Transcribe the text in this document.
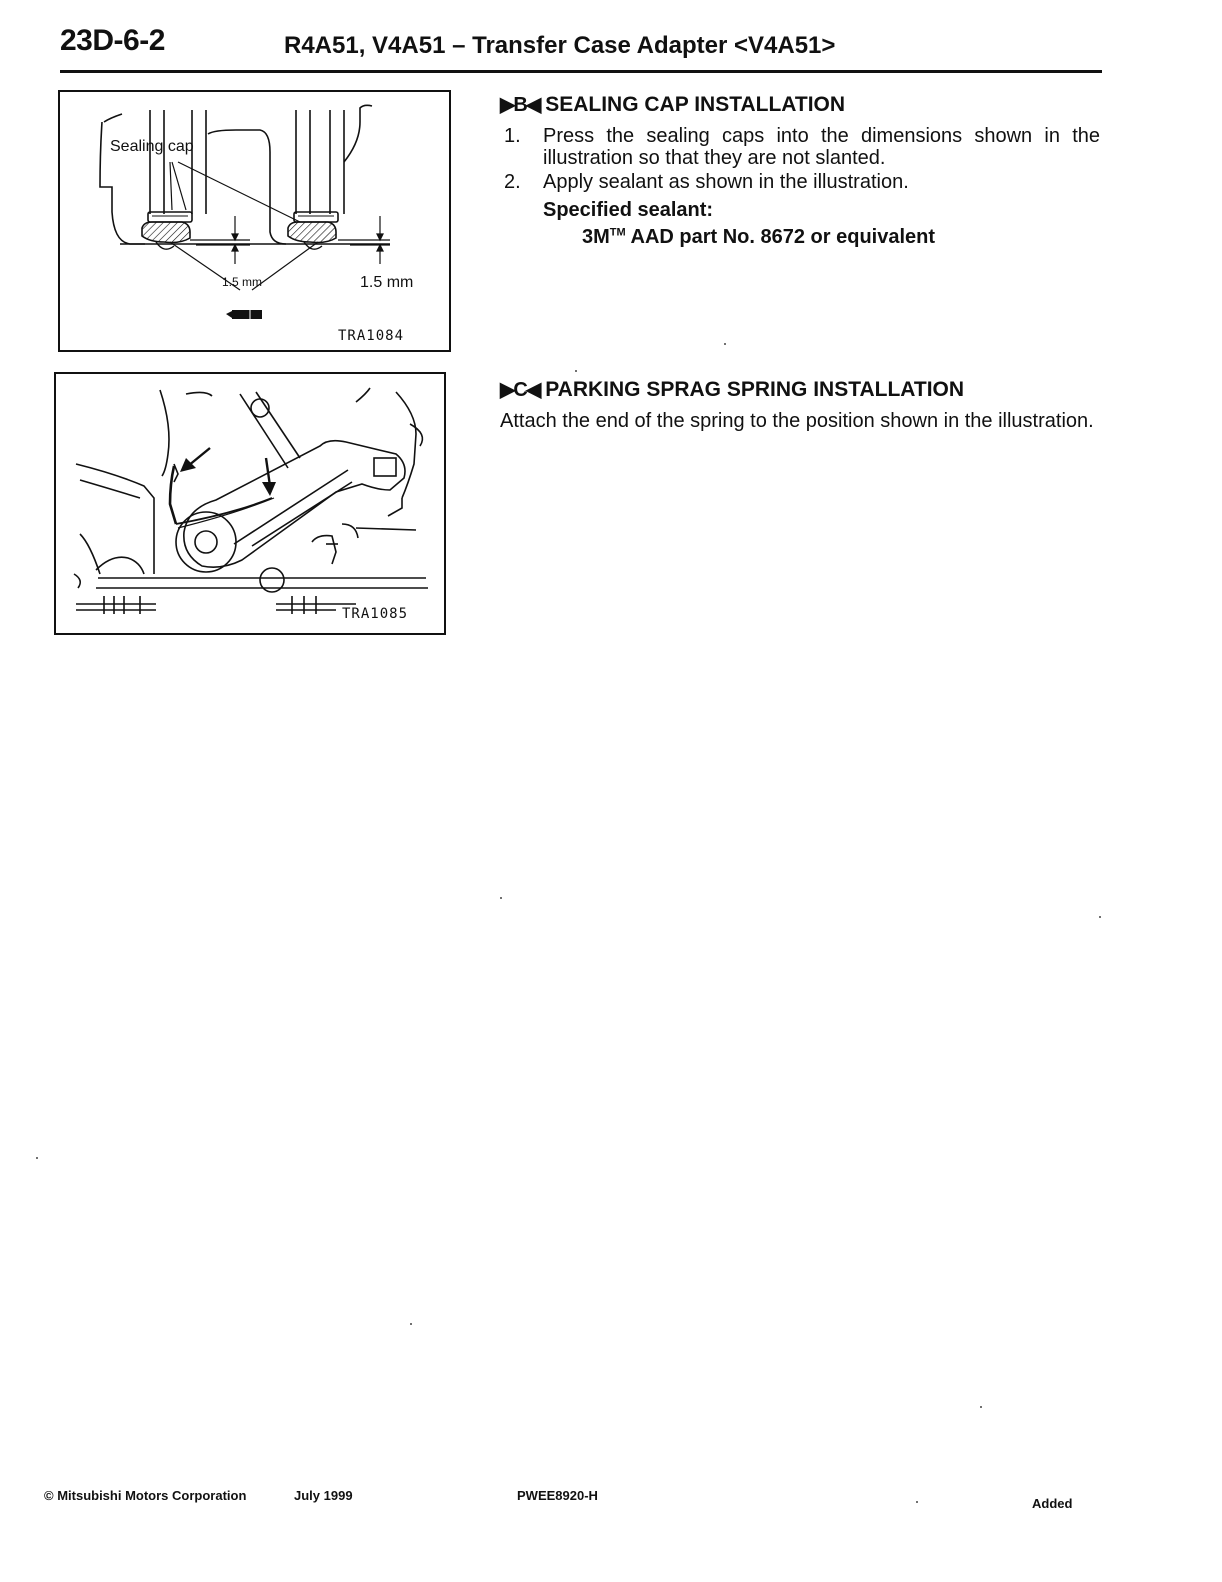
23D-6-2	R4A51, V4A51 – Transfer Case Adapter <V4A51>
Sealing cap
1.5 mm	1.5 mm
TRA1084
TRA1085
▶B◀ SEALING CAP INSTALLATION
1. Press the sealing caps into the dimensions shown in the illustration so that they are not slanted.
2. Apply sealant as shown in the illustration.
Specified sealant:
3M™ AAD part No. 8672 or equivalent
▶C◀ PARKING SPRAG SPRING INSTALLATION
Attach the end of the spring to the position shown in the illustration.
© Mitsubishi Motors Corporation	July 1999	PWEE8920-H
Added
